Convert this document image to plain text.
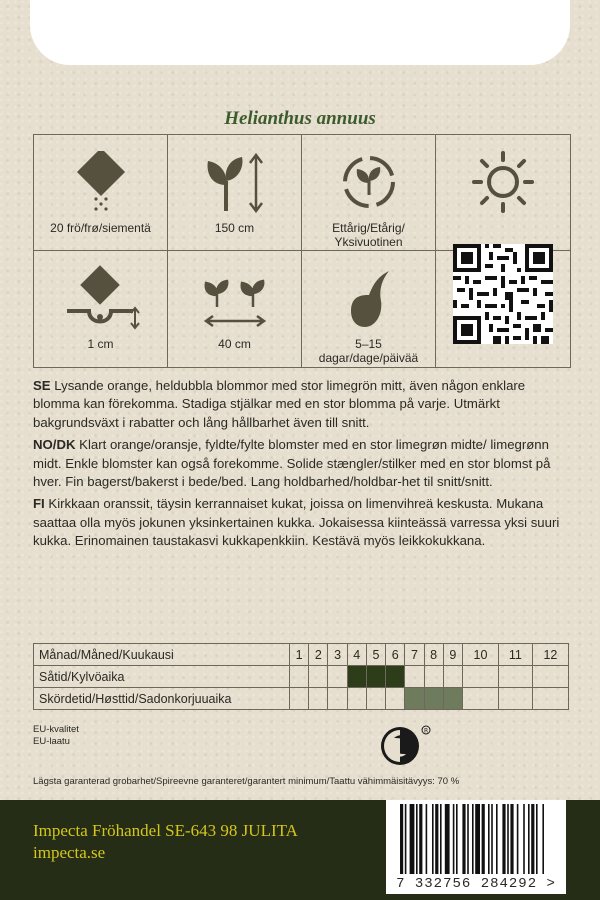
Helianthus annuus
20 frö/frø/siementä	150 cm	Ettårig/Etårig/
Yksivuotinen
1 cm	40 cm	5–15
dagar/dage/päivää

SE Lysande orange, heldubbla blommor med stor limegrön mitt, även någon enklare blomma kan förekomma. Stadiga stjälkar med en stor blomma på varje. Utmärkt bakgrundsväxt i rabatter och lång hållbarhet även till snitt.

NO/DK Klart orange/oransje, fyldte/fylte blomster med en stor limegrøn midte/ limegrønn midt. Enkle blomster kan også forekomme. Solide stængler/stilker med en stor blomst på hver. Fin bagerst/bakerst i bede/bed. Lang holdbarhed/holdbar-het til snitt/snitt.

FI Kirkkaan oranssit, täysin kerrannaiset kukat, joissa on limenvihreä keskusta. Mukana saattaa olla myös jokunen yksinkertainen kukka. Jokaisessa kiinteässä varressa yksi suuri kukka. Erinomainen taustakasvi kukkapenkkiin. Kestävä myös leikkokukkana.

Månad/Måned/Kuukausi	1	2	3	4	5	6	7	8	9	10	11	12
Såtid/Kylvöaika												
Skördetid/Høsttid/Sadonkorjuuaika												
EU-kvalitet
EU-laatu
R
Lägsta garanterad grobarhet/Spireevne garanteret/garantert minimum/Taattu vähimmäisitävyys: 70 %
Impecta Fröhandel SE-643 98 JULITA
impecta.se
7 332756 284292 >
